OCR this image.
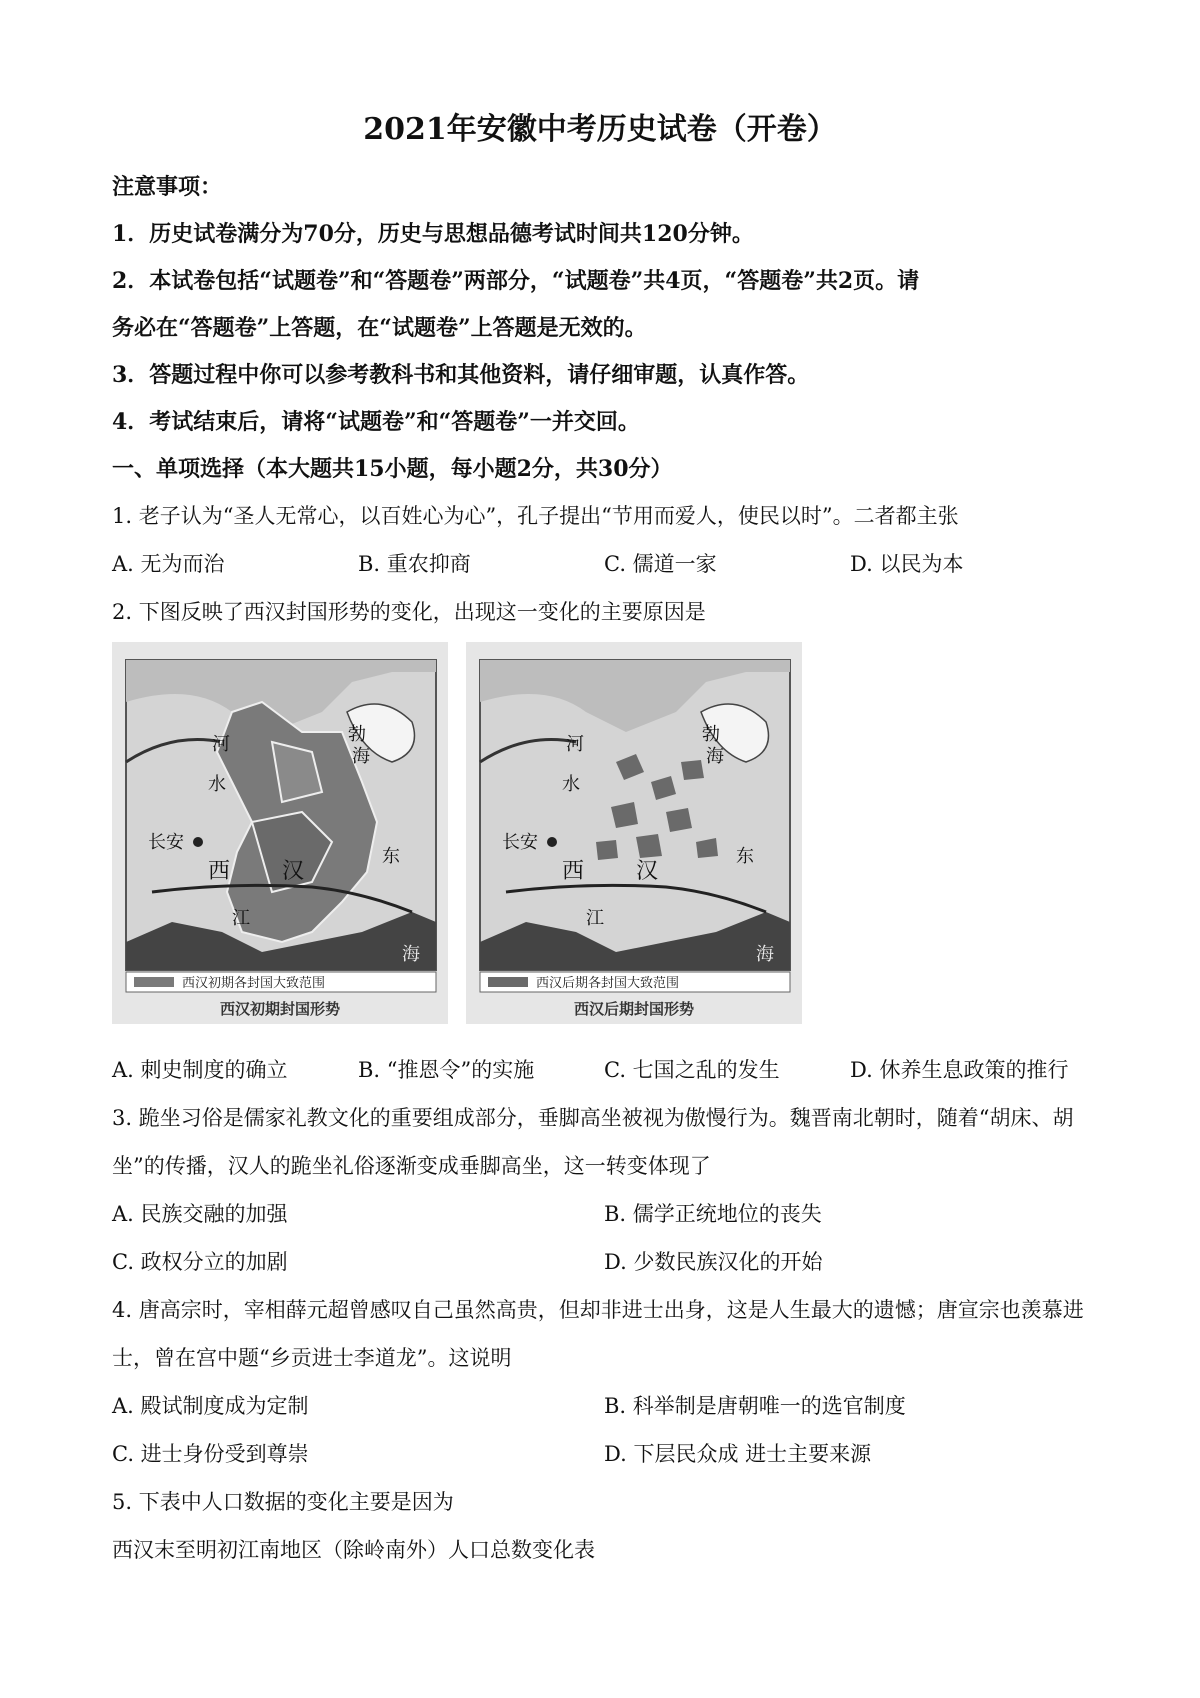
2021年安徽中考历史试卷（开卷）
注意事项：
1．历史试卷满分为70分，历史与思想品德考试时间共120分钟。
2．本试卷包括“试题卷”和“答题卷”两部分，“试题卷”共4页，“答题卷”共2页。请
务必在“答题卷”上答题，在“试题卷”上答题是无效的。
3．答题过程中你可以参考教科书和其他资料，请仔细审题，认真作答。
4．考试结束后，请将“试题卷”和“答题卷”一并交回。
一、单项选择（本大题共15小题，每小题2分，共30分）
1. 老子认为“圣人无常心，以百姓心为心”，孔子提出“节用而爱人，使民以时”。二者都主张
A. 无为而治	B. 重农抑商	C. 儒道一家	D. 以民为本
2. 下图反映了西汉封国形势的变化，出现这一变化的主要原因是
勃
海
河
水
长安
西 汉
东
江
海
西汉初期各封国大致范围
西汉初期封国形势
勃
海
河
水
长安
西 汉
东
江
海
西汉后期各封国大致范围
西汉后期封国形势
A. 刺史制度的确立	B. “推恩令”的实施	C. 七国之乱的发生	D. 休养生息政策的推行
3. 跪坐习俗是儒家礼教文化的重要组成部分，垂脚高坐被视为傲慢行为。魏晋南北朝时，随着“胡床、胡
坐”的传播，汉人的跪坐礼俗逐渐变成垂脚高坐，这一转变体现了
A. 民族交融的加强	B. 儒学正统地位的丧失
C. 政权分立的加剧	D. 少数民族汉化的开始
4. 唐高宗时，宰相薛元超曾感叹自己虽然高贵，但却非进士出身，这是人生最大的遗憾；唐宣宗也羡慕进
士，曾在宫中题“乡贡进士李道龙”。这说明
A. 殿试制度成为定制	B. 科举制是唐朝唯一的选官制度
C. 进士身份受到尊崇	D. 下层民众成 进士主要来源
5. 下表中人口数据的变化主要是因为
西汉末至明初江南地区（除岭南外）人口总数变化表
